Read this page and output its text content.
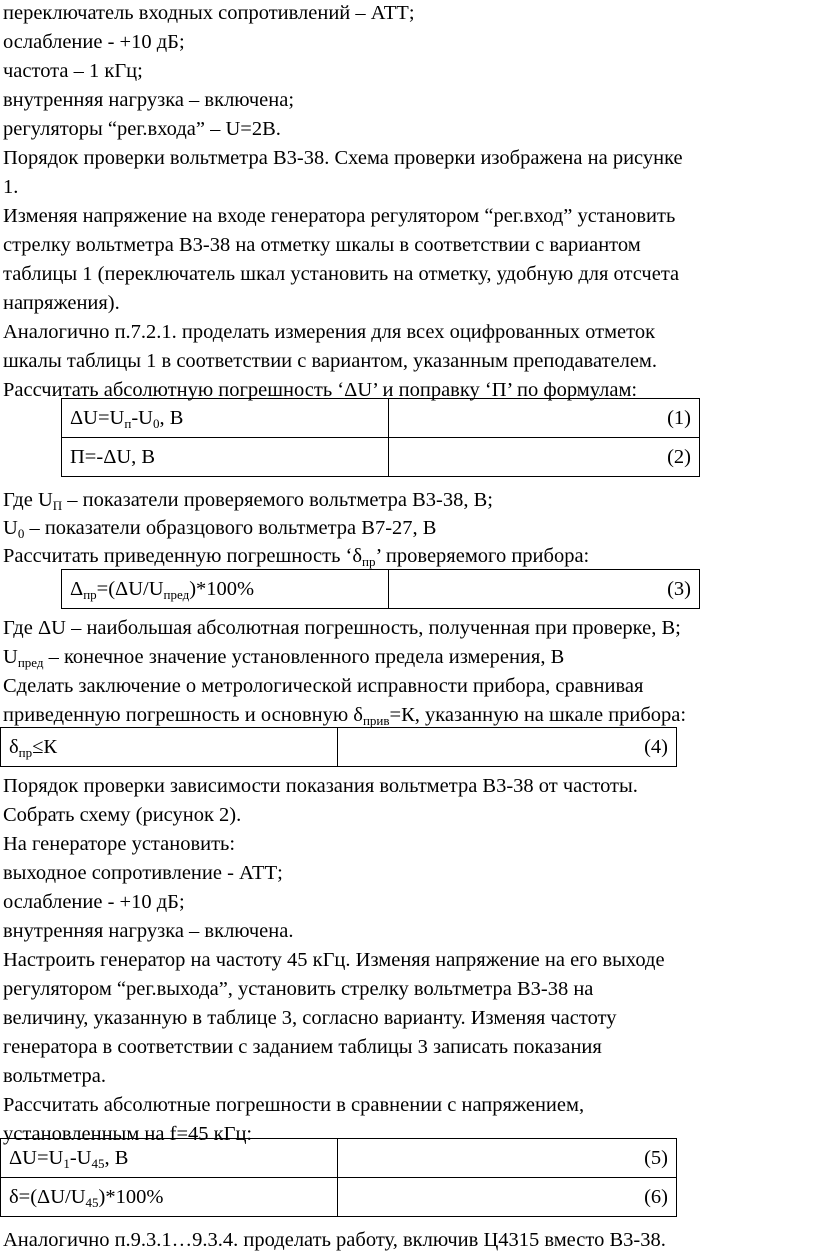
переключатель входных сопротивлений – АТТ;
ослабление - +10 дБ;
частота – 1 кГц;
внутренняя нагрузка – включена;
регуляторы “рег.входа” – U=2В.
Порядок проверки вольтметра В3-38. Схема проверки изображена на рисунке
1.
Изменяя напряжение на входе генератора регулятором “рег.вход” установить
стрелку вольтметра В3-38 на отметку шкалы в соответствии с вариантом
таблицы 1 (переключатель шкал установить на отметку, удобную для отсчета
напряжения).
Аналогично п.7.2.1. проделать измерения для всех оцифрованных отметок
шкалы таблицы 1 в соответствии с вариантом, указанным преподавателем.
Рассчитать абсолютную погрешность ‘ΔU’ и поправку ‘П’ по формулам:
$\Delta U=U_п-U_0$, В	(1)
П=-ΔU, В	(2)
Где $U_П$ – показатели проверяемого вольтметра В3-38, В;
$U_0$ – показатели образцового вольтметра В7-27, В
Рассчитать приведенную погрешность ‘$\delta_{пр}$’ проверяемого прибора:
$\Delta_{пр}=(\Delta U/U_{пред})*100\%$	(3)
Где ΔU – наибольшая абсолютная погрешность, полученная при проверке, В;
$U_{пред}$ – конечное значение установленного предела измерения, В
Сделать заключение о метрологической исправности прибора, сравнивая
приведенную погрешность и основную $\delta_{прив}=К$, указанную на шкале прибора:
$\delta_{пр}\le К$	(4)
Порядок проверки зависимости показания вольтметра В3-38 от частоты.
Собрать схему (рисунок 2).
На генераторе установить:
выходное сопротивление - АТТ;
ослабление - +10 дБ;
внутренняя нагрузка – включена.
Настроить генератор на частоту 45 кГц. Изменяя напряжение на его выходе
регулятором “рег.выхода”, установить стрелку вольтметра В3-38 на
величину, указанную в таблице 3, согласно варианту. Изменяя частоту
генератора в соответствии с заданием таблицы 3 записать показания
вольтметра.
Рассчитать абсолютные погрешности в сравнении с напряжением,
установленным на f=45 кГц:
$\Delta U=U_1-U_{45}$, В	(5)
$\delta=(\Delta U/U_{45})*100\%$	(6)
Аналогично п.9.3.1…9.3.4. проделать работу, включив Ц4315 вместо В3-38.
